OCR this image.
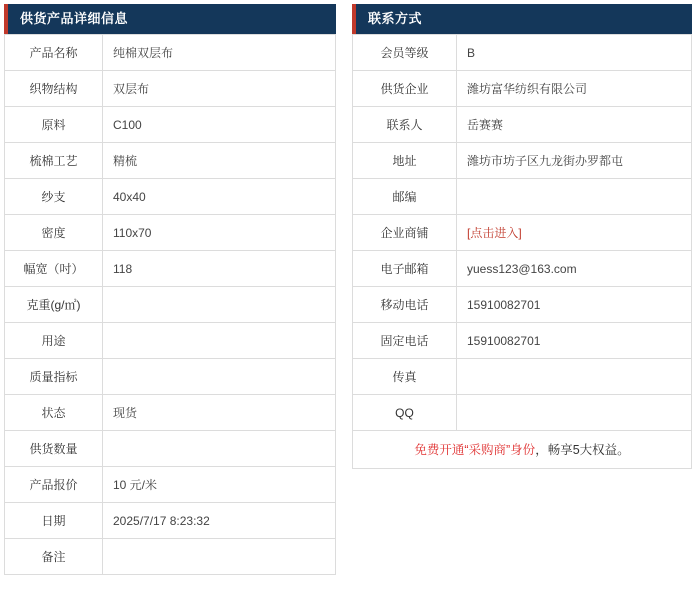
供货产品详细信息
产品名称	纯棉双层布
织物结构	双层布
原料	C100
梳棉工艺	精梳
纱支	40x40
密度	110x70
幅宽（吋）	118
克重(g/㎡)	
用途	
质量指标	
状态	现货
供货数量	
产品报价	10 元/米
日期	2025/7/17 8:23:32
备注	
联系方式
会员等级	B
供货企业	潍坊富华纺织有限公司
联系人	岳赛赛
地址	潍坊市坊子区九龙街办罗都屯
邮编	
企业商铺	[点击进入]
电子邮箱	yuess123@163.com
移动电话	15910082701
固定电话	15910082701
传真	
QQ	
免费开通“采购商”身份，畅享5大权益。
